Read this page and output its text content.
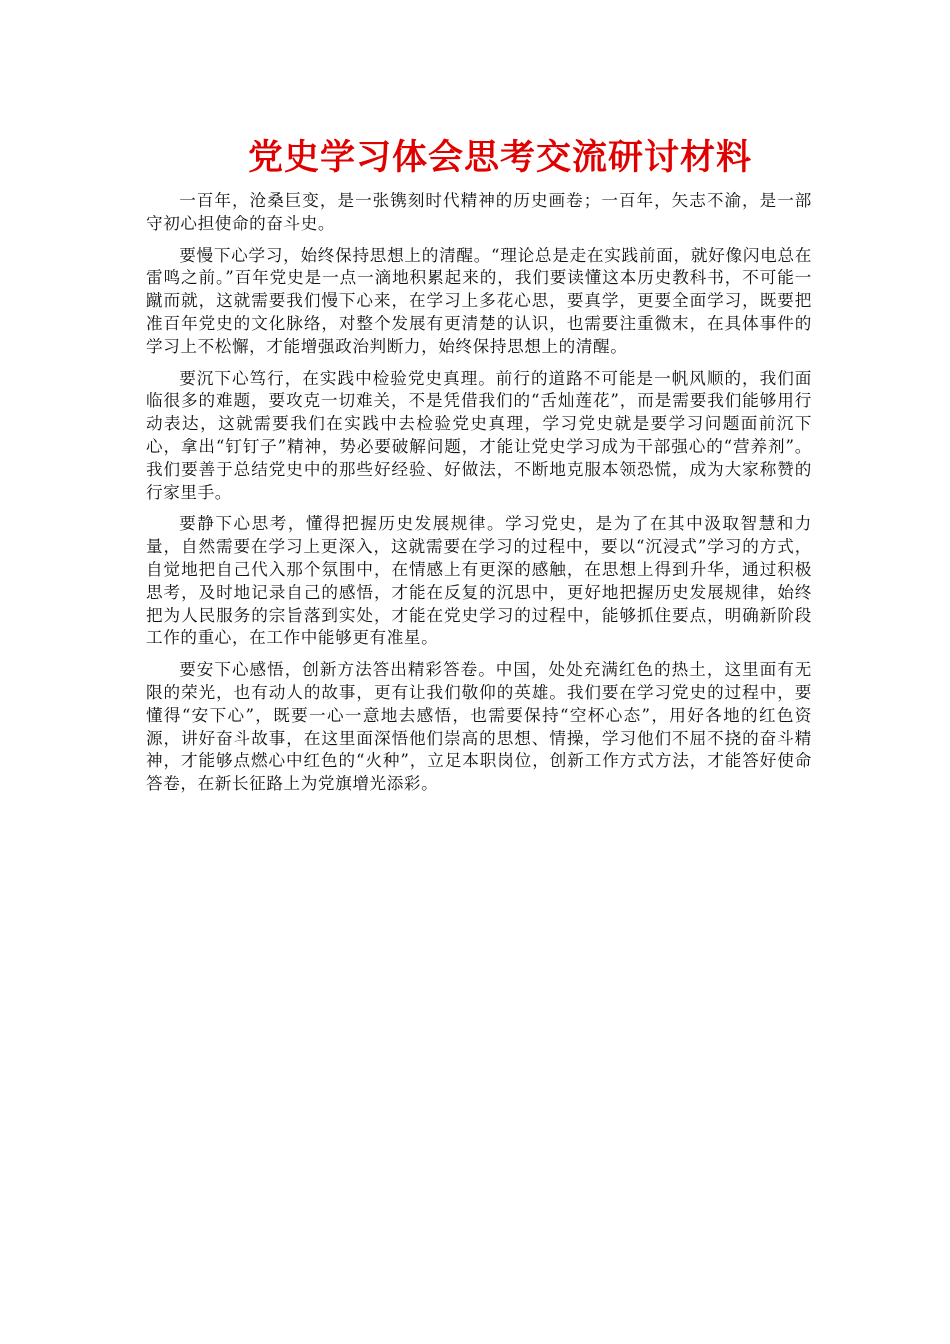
党史学习体会思考交流研讨材料

一百年，沧桑巨变，是一张镌刻时代精神的历史画卷；一百年，矢志不渝，是一部守初心担使命的奋斗史。

要慢下心学习，始终保持思想上的清醒。“理论总是走在实践前面，就好像闪电总在雷鸣之前。”百年党史是一点一滴地积累起来的，我们要读懂这本历史教科书，不可能一蹴而就，这就需要我们慢下心来，在学习上多花心思，要真学，更要全面学习，既要把准百年党史的文化脉络，对整个发展有更清楚的认识，也需要注重微末，在具体事件的学习上不松懈，才能增强政治判断力，始终保持思想上的清醒。

要沉下心笃行，在实践中检验党史真理。前行的道路不可能是一帆风顺的，我们面临很多的难题，要攻克一切难关，不是凭借我们的“舌灿莲花”，而是需要我们能够用行动表达，这就需要我们在实践中去检验党史真理，学习党史就是要学习问题面前沉下心，拿出“钉钉子”精神，势必要破解问题，才能让党史学习成为干部强心的“营养剂”。我们要善于总结党史中的那些好经验、好做法，不断地克服本领恐慌，成为大家称赞的行家里手。

要静下心思考，懂得把握历史发展规律。学习党史，是为了在其中汲取智慧和力量，自然需要在学习上更深入，这就需要在学习的过程中，要以“沉浸式”学习的方式，自觉地把自己代入那个氛围中，在情感上有更深的感触，在思想上得到升华，通过积极思考，及时地记录自己的感悟，才能在反复的沉思中，更好地把握历史发展规律，始终把为人民服务的宗旨落到实处，才能在党史学习的过程中，能够抓住要点，明确新阶段工作的重心，在工作中能够更有准星。

要安下心感悟，创新方法答出精彩答卷。中国，处处充满红色的热土，这里面有无限的荣光，也有动人的故事，更有让我们敬仰的英雄。我们要在学习党史的过程中，要懂得“安下心”，既要一心一意地去感悟，也需要保持“空杯心态”，用好各地的红色资源，讲好奋斗故事，在这里面深悟他们崇高的思想、情操，学习他们不屈不挠的奋斗精神，才能够点燃心中红色的“火种”，立足本职岗位，创新工作方式方法，才能答好使命答卷，在新长征路上为党旗增光添彩。
